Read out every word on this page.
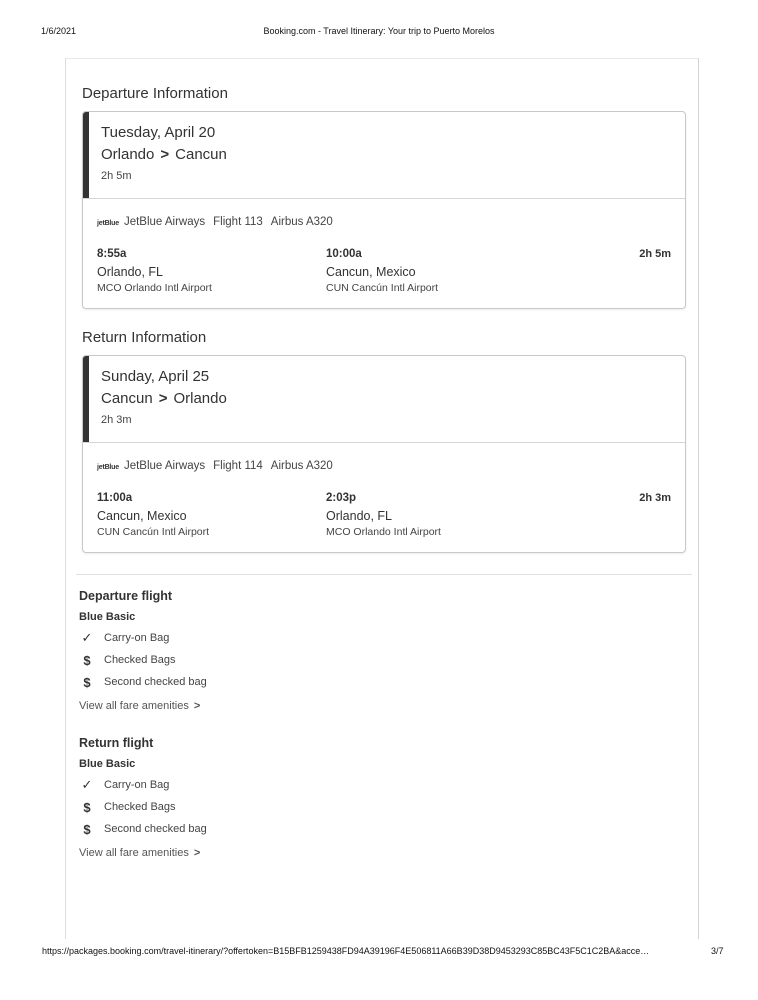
1/6/2021	Booking.com - Travel Itinerary: Your trip to Puerto Morelos
Departure Information
Tuesday, April 20
Orlando > Cancun
2h 5m
jetBlue JetBlue Airways Flight 113 Airbus A320
8:55a
Orlando, FL
MCO Orlando Intl Airport
10:00a
Cancun, Mexico
CUN Cancún Intl Airport
2h 5m
Return Information
Sunday, April 25
Cancun > Orlando
2h 3m
jetBlue JetBlue Airways Flight 114 Airbus A320
11:00a
Cancun, Mexico
CUN Cancún Intl Airport
2:03p
Orlando, FL
MCO Orlando Intl Airport
2h 3m
Departure flight
Blue Basic
✓ Carry-on Bag
$	Checked Bags
$	Second checked bag
View all fare amenities >
Return flight
Blue Basic
✓ Carry-on Bag
$	Checked Bags
$	Second checked bag
View all fare amenities >
https://packages.booking.com/travel-itinerary/?offertoken=B15BFB1259438FD94A39196F4E506811A66B39D38D9453293C85BC43F5C1C2BA&acce…	3/7
